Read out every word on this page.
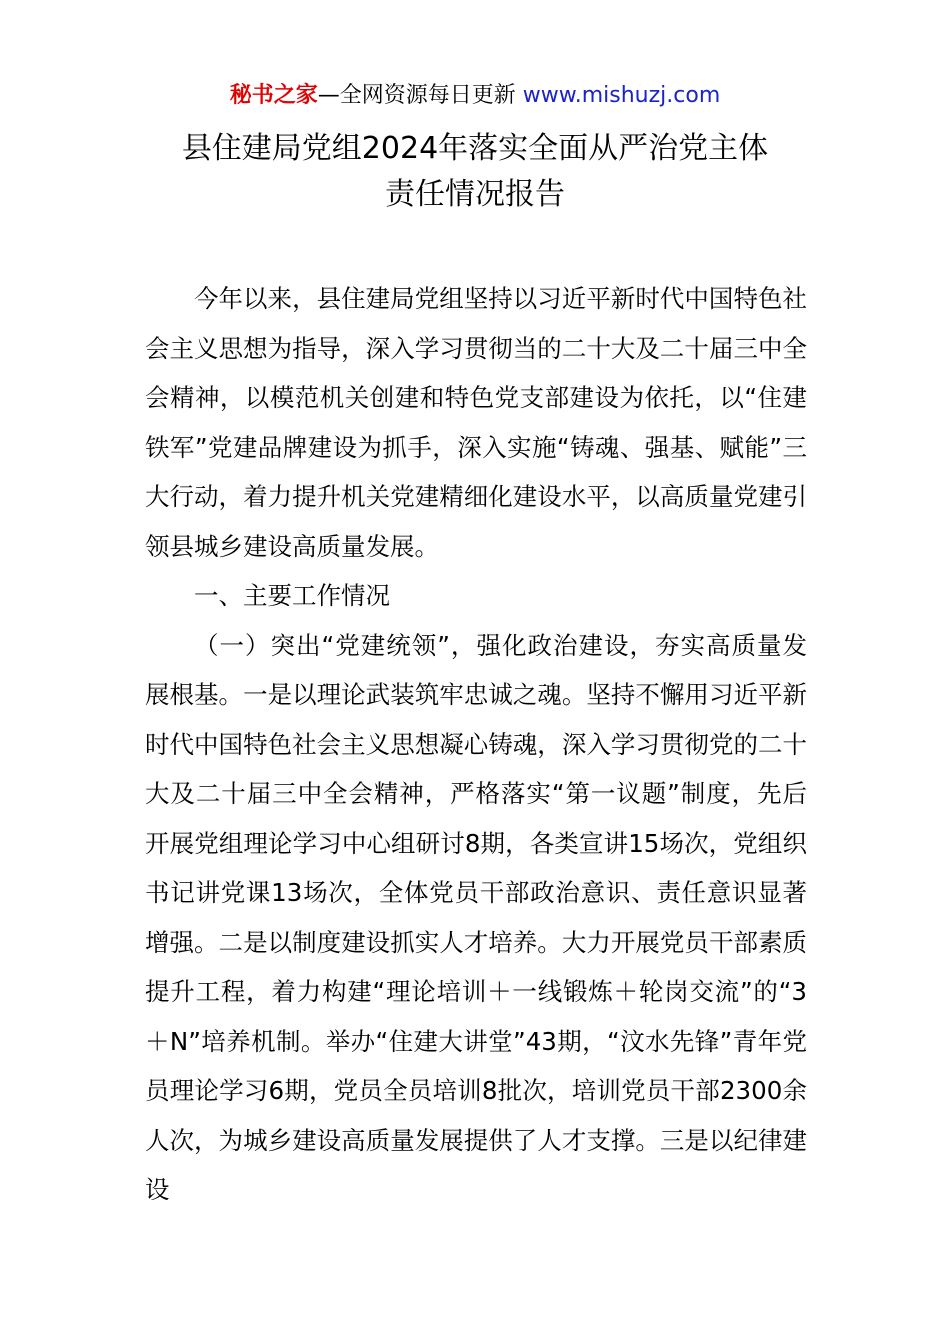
秘书之家—全网资源每日更新 www.mishuzj.com
县住建局党组2024年落实全面从严治党主体
责任情况报告

今年以来，县住建局党组坚持以习近平新时代中国特色社会主义思想为指导，深入学习贯彻当的二十大及二十届三中全会精神，以模范机关创建和特色党支部建设为依托，以“住建铁军”党建品牌建设为抓手，深入实施“铸魂、强基、赋能”三大行动，着力提升机关党建精细化建设水平，以高质量党建引领县城乡建设高质量发展。

一、主要工作情况

（一）突出“党建统领”，强化政治建设，夯实高质量发展根基。一是以理论武装筑牢忠诚之魂。坚持不懈用习近平新时代中国特色社会主义思想凝心铸魂，深入学习贯彻党的二十大及二十届三中全会精神，严格落实“第一议题”制度，先后开展党组理论学习中心组研讨8期，各类宣讲15场次，党组织书记讲党课13场次，全体党员干部政治意识、责任意识显著增强。二是以制度建设抓实人才培养。大力开展党员干部素质提升工程，着力构建“理论培训＋一线锻炼＋轮岗交流”的“3＋N”培养机制。举办“住建大讲堂”43期，“汶水先锋”青年党员理论学习6期，党员全员培训8批次，培训党员干部2300余人次，为城乡建设高质量发展提供了人才支撑。三是以纪律建设
